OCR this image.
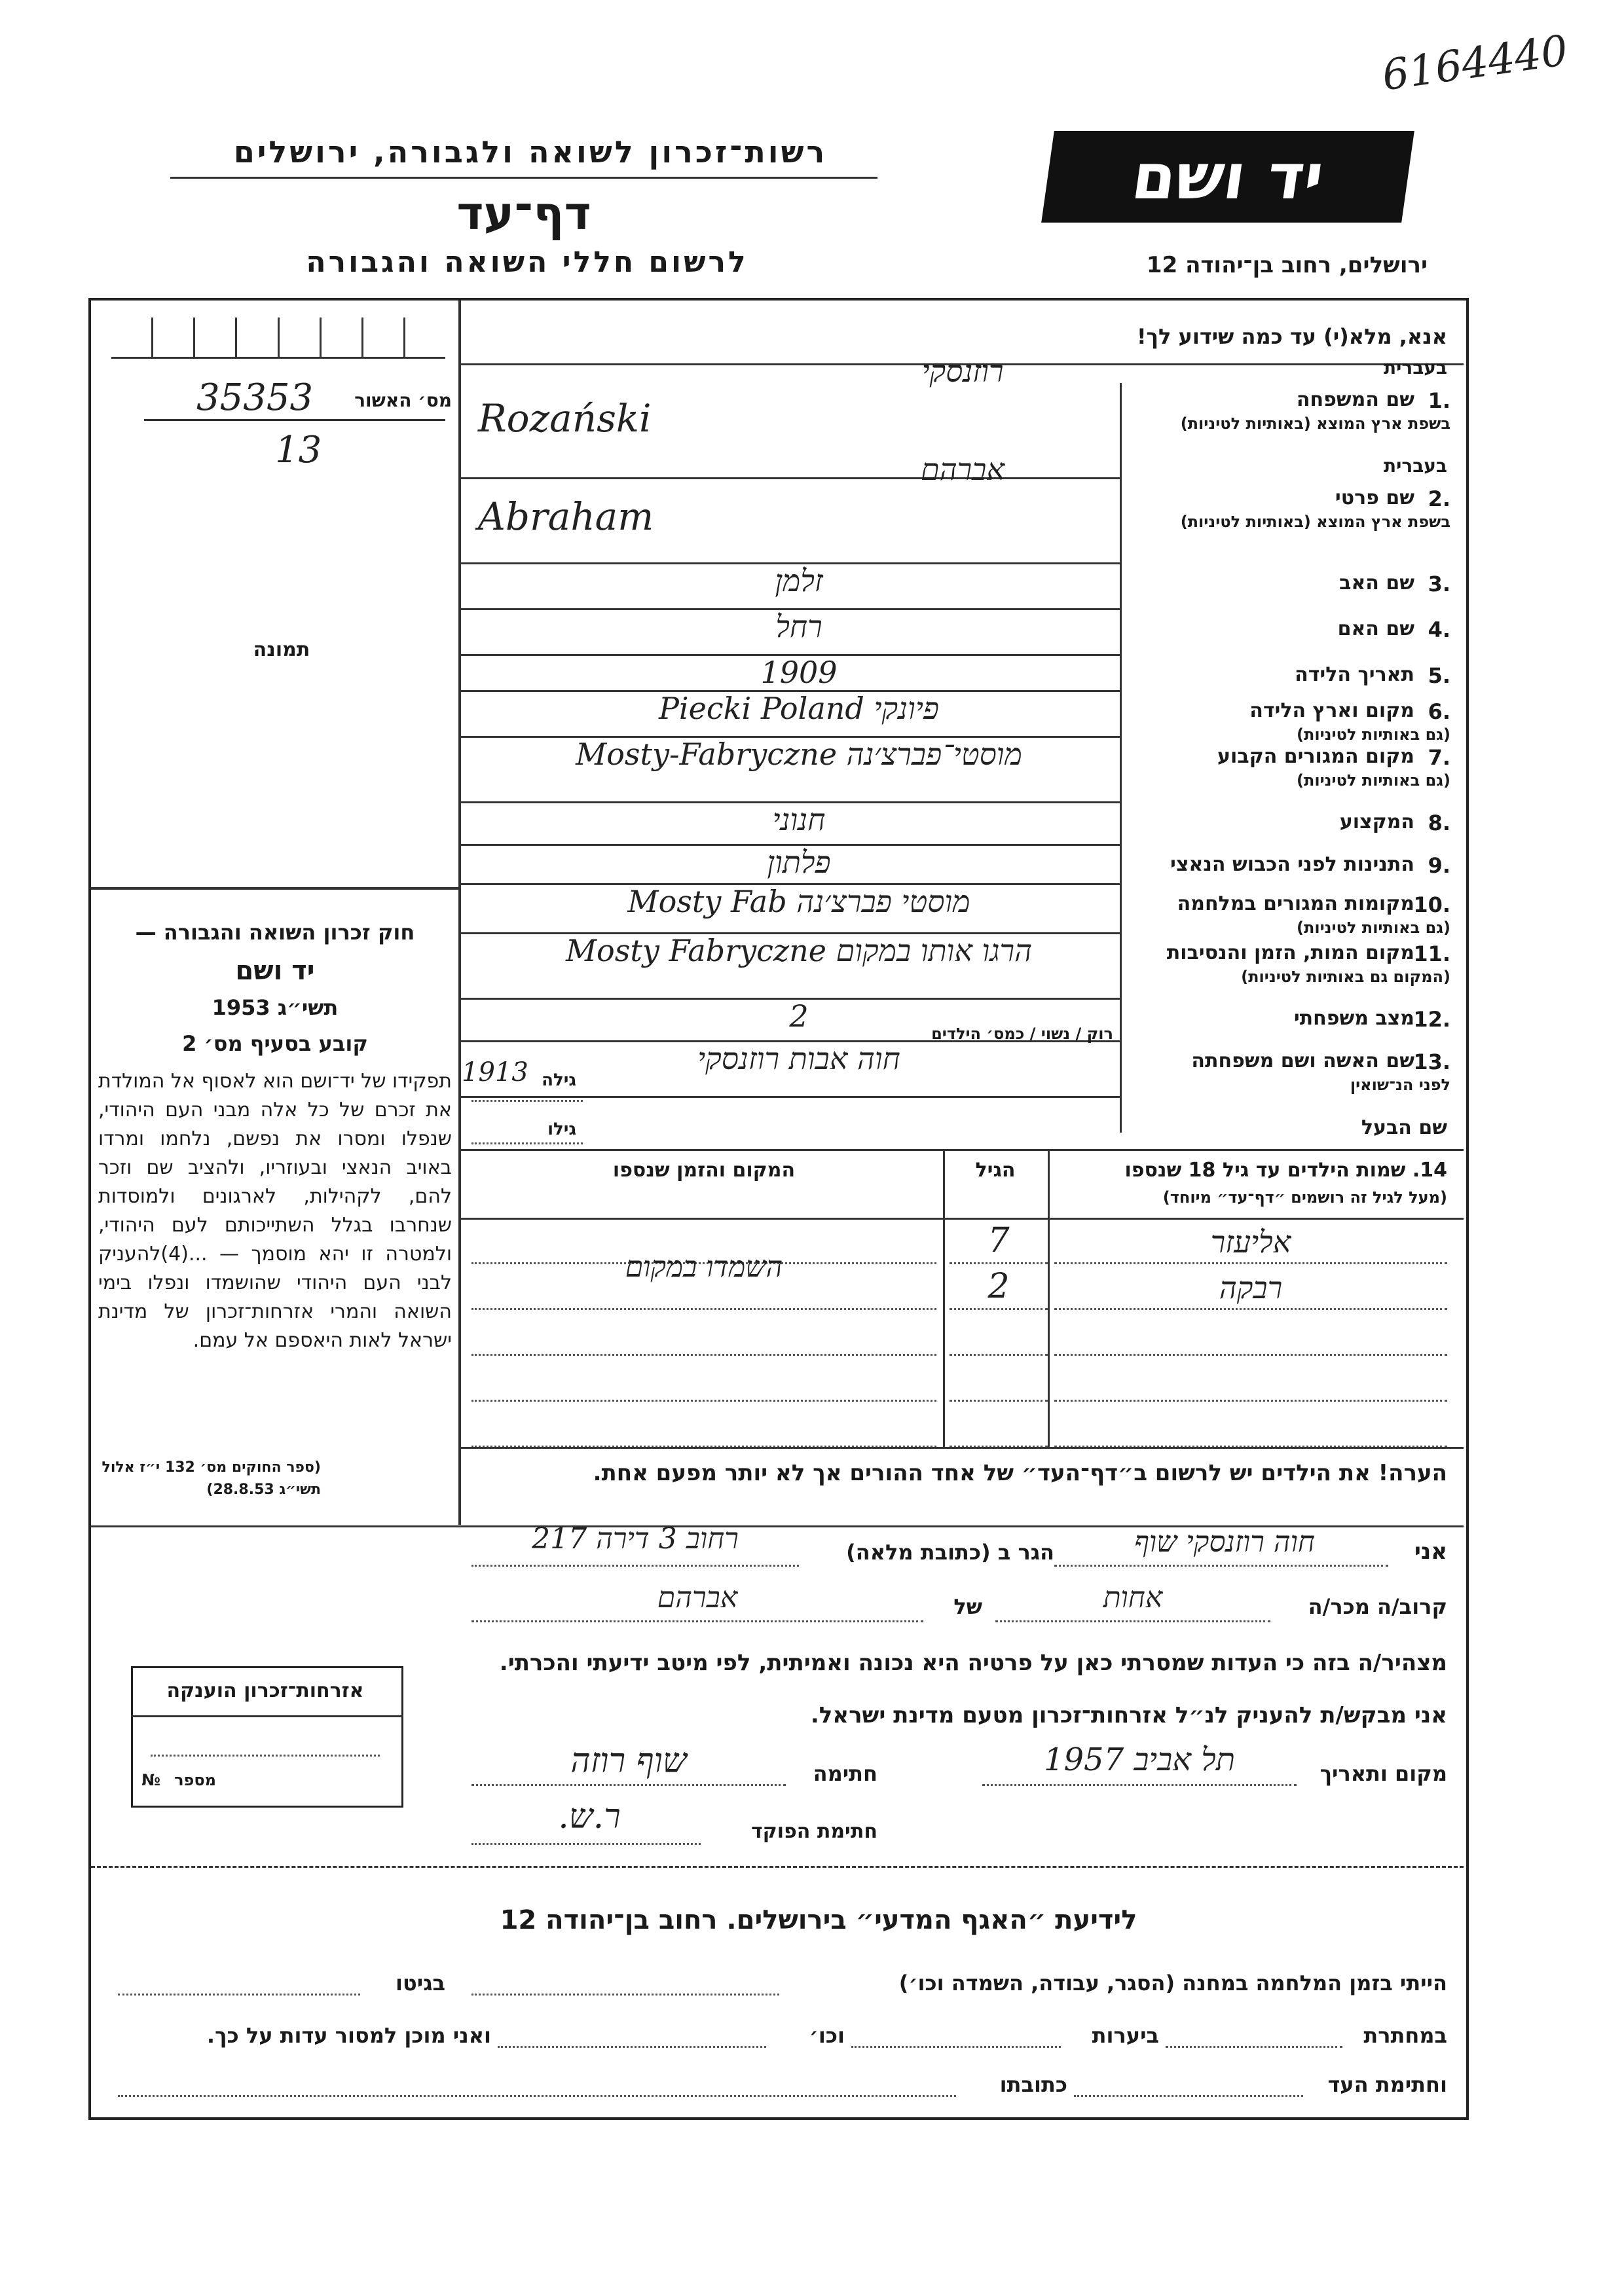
6164440
רשות־זכרון לשואה ולגבורה, ירושלים
דף־עד
לרשום חללי השואה והגבורה
יד ושם
ירושלים, רחוב בן־יהודה 12
מס׳ האשור
35353
13
תמונה
חוק זכרון השואה והגבורה —
יד ושם
תשי״ג 1953
קובע בסעיף מס׳ 2
תפקידו של יד־ושם הוא לאסוף אל המולדת את זכרם של כל אלה מבני העם היהודי, שנפלו ומסרו את נפשם, נלחמו ומרדו באויב הנאצי ובעוזריו, ולהציב שם וזכר להם, לקהילות, לארגונים ולמוסדות שנחרבו בגלל השתייכותם לעם היהודי, ולמטרה זו יהא מוסמך — ...(4)להעניק לבני העם היהודי שהושמדו ונפלו בימי השואה והמרי אזרחות־זכרון של מדינת ישראל לאות היאספם אל עמם.
(ספר החוקים מס׳ 132 י״ז אלול תשי״ג 28.8.53)
אנא, מלא(י) עד כמה שידוע לך!
1.
שם המשפחה
בשפת ארץ המוצא (באותיות לטיניות)
בעברית
רוזנסקי
Rozański
2.
שם פרטי
בשפת ארץ המוצא (באותיות לטיניות)
בעברית
אברהם
Abraham
3.
שם האב
זלמן
4.
שם האם
רחל
5.
תאריך הלידה
1909
6.
מקום וארץ הלידה
(גם באותיות לטיניות)
פיונקי Piecki Poland
7.
מקום המגורים הקבוע
(גם באותיות לטיניות)
מוסטי־פברצ׳נה Mosty-Fabryczne
8.
המקצוע
חנוני
9.
התנינות לפני הכבוש הנאצי
פלתון
10.
מקומות המגורים במלחמה
(גם באותיות לטיניות)
מוסטי פברצ׳נה Mosty Fab
11.
מקום המות, הזמן והנסיבות
(המקום גם באותיות לטיניות)
הרגו אותו במקום Mosty Fabryczne
12.
מצב משפחתי
2
13.
שם האשה ושם משפחתה
לפני הנ־שואין
חוה אבות רוזנסקי
רוק / נשוי / כמס׳ הילדים
גילה
1913
שם הבעל
גילו
14. שמות הילדים עד גיל 18 שנספו
(מעל לגיל זה רושמים ״דף־עד״ מיוחד)
הגיל
המקום והזמן שנספו
אליעזר
7
רבקה
2
השמדו במקום
הערה! את הילדים יש לרשום ב״דף־העד״ של אחד ההורים אך לא יותר מפעם אחת.
אני
חוה רוזנסקי שוף
הגר ב (כתובת מלאה)
רחוב 3 דירה 217
קרוב/ה מכר/ה
אחות
של
אברהם
מצהיר/ה בזה כי העדות שמסרתי כאן על פרטיה היא נכונה ואמיתית, לפי מיטב ידיעתי והכרתי.
אני מבקש/ת להעניק לנ״ל אזרחות־זכרון מטעם מדינת ישראל.
מקום ותאריך
תל אביב 1957
חתימה
שוף רוזה
חתימת הפוקד
ר.ש.
אזרחות־זכרון הוענקה
מספר
№
לידיעת ״האגף המדעי״ בירושלים. רחוב בן־יהודה 12
הייתי בזמן המלחמה במחנה (הסגר, עבודה, השמדה וכו׳)
בגיטו
במחתרת
ביערות
וכו׳
ואני מוכן למסור עדות על כך.
וחתימת העד
כתובתו
